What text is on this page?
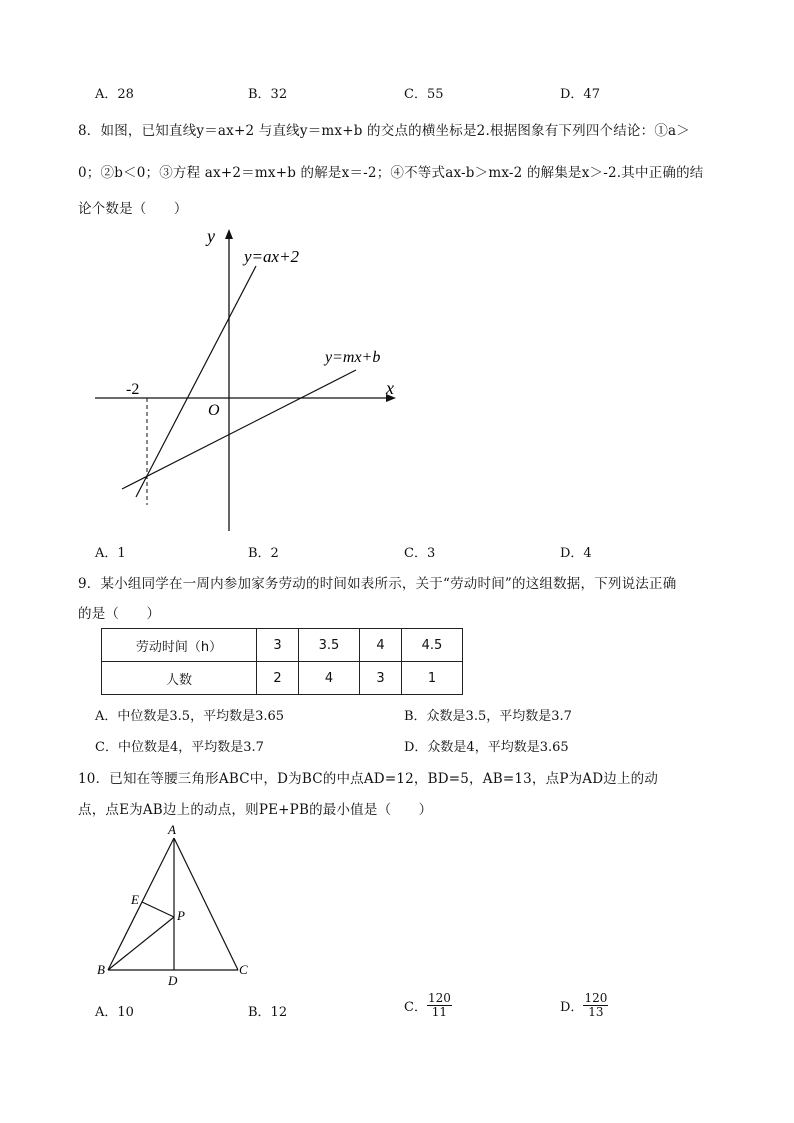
A．28	B．32	C．55	D．47
8．如图，已知直线y＝ax+2 与直线y＝mx+b 的交点的横坐标是2.根据图象有下列四个结论：①a＞
0；②b＜0；③方程 ax+2＝mx+b 的解是x＝-2；④不等式ax-b＞mx-2 的解集是x＞-2.其中正确的结
论个数是（　　）
y
x
O
y=ax+2
y=mx+b
-2
A．1	B．2	C．3	D．4
9．某小组同学在一周内参加家务劳动的时间如表所示，关于“劳动时间”的这组数据，下列说法正确
的是（　　）
劳动时间（h）	3	3.5	4	4.5
人数	2	4	3	1
A．中位数是3.5，平均数是3.65	B．众数是3.5，平均数是3.7
C．中位数是4，平均数是3.7	D．众数是4，平均数是3.65
10．已知在等腰三角形ABC中，D为BC的中点AD=12，BD=5，AB=13，点P为AD边上的动
点，点E为AB边上的动点，则PE+PB的最小值是（　　）
A
B	C
D
E
P
A．10	B．12	C． $\frac{120}{11}$	D． $\frac{120}{13}$
